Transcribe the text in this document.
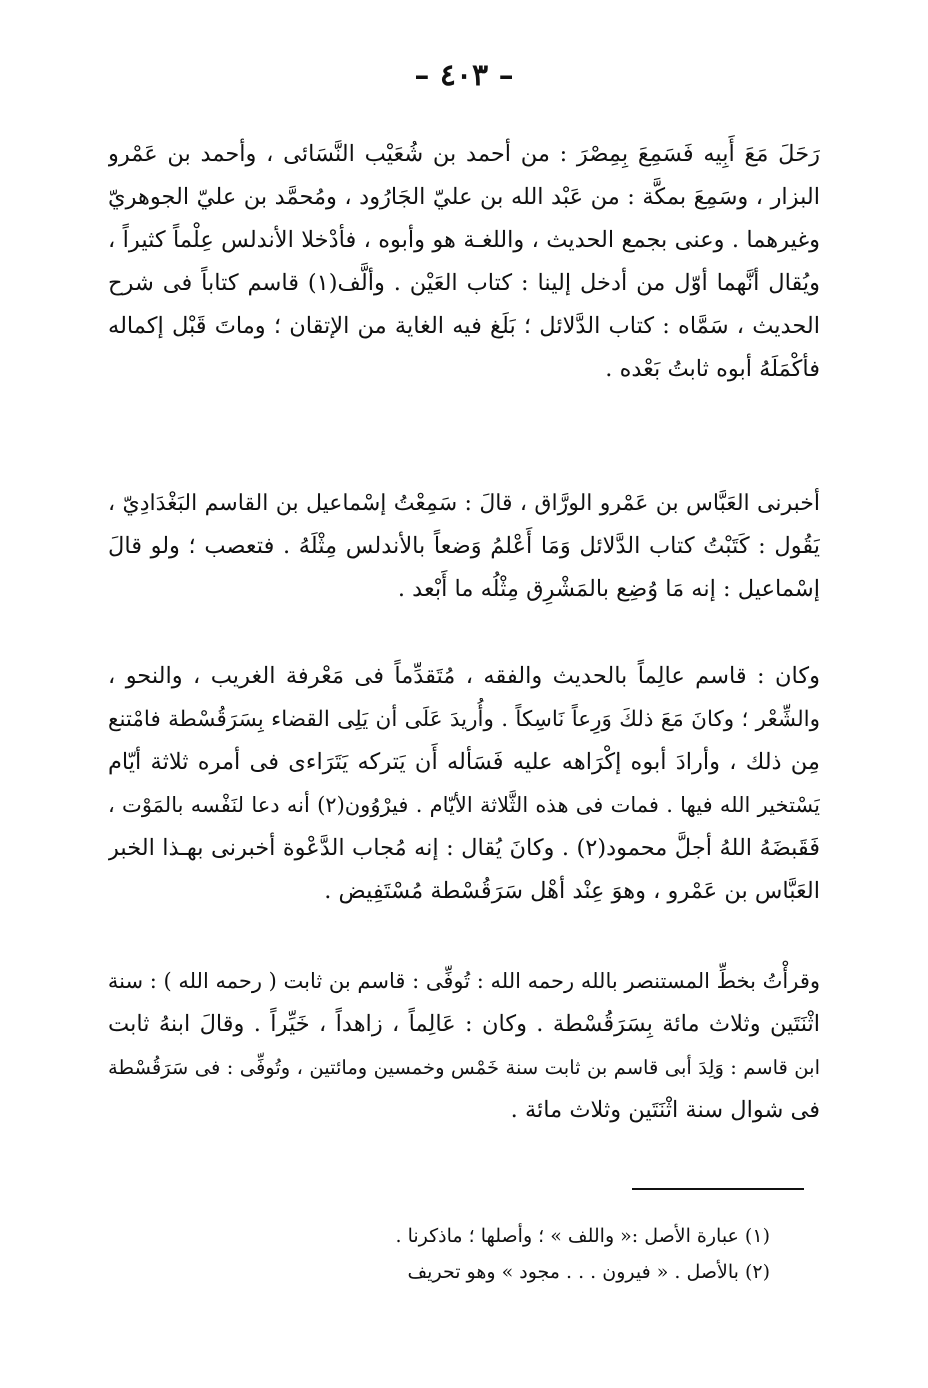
– ٤٠٣ –
رَحَلَ مَعَ أَبِيه فَسَمِعَ بِمِصْرَ : من أحمد بن شُعَيْب النَّسَائى ، وأحمد بن عَمْرو
البزار ، وسَمِعَ بمكَّة : من عَبْد الله بن عليّ الجَارُود ، ومُحمَّد بن عليّ الجوهريّ
وغيرهما . وعنى بجمع الحديث ، واللغـة هو وأبوه ، فأدْخلا الأندلس عِلْماً كثيراً ،
ويُقال أنَّهما أوّل من أدخل إلينا : كتاب العَيْن . وألَّف(١) قاسم كتاباً فى شرح
الحديث ، سَمَّاه : كتاب الدَّلائل ؛ بَلَغ فيه الغاية من الإتقان ؛ وماتَ قَبْل إكماله
فأكْمَلَهُ أبوه ثابتُ بَعْده .
أخبرنى العَبَّاس بن عَمْرو الورَّاق ، قالَ : سَمِعْتُ إسْماعيل بن القاسم البَغْدَادِيّ ،
يَقُول : كَتَبْتُ كتاب الدَّلائل وَمَا أَعْلمُ وَضعاً بالأندلس مِثْلَهُ . فتعصب ؛ ولو قالَ
إسْماعيل : إنه مَا وُضِع بالمَشْرِق مِثْلُه ما أَبْعد .
وكان : قاسم عالِماً بالحديث والفقه ، مُتَقدِّماً فى مَعْرفة الغريب ، والنحو ،
والشِّعْر ؛ وكانَ مَعَ ذلكَ وَرِعاً نَاسِكاً . وأُريدَ عَلَى أن يَلِى القضاء بِسَرَقُسْطة فامْتنع
مِن ذلك ، وأرادَ أبوه إكْرَاهه عليه فَسَأله أَن يَتركه يَتَرَاءى فى أمره ثلاثة أيّام
يَسْتخير الله فيها . فمات فى هذه الثَّلاثة الأيّام . فيرْوُون(٢) أنه دعا لنَفْسه بالمَوْت ،
فَقَبضَهُ اللهُ أجلَّ محمود(٢) . وكانَ يُقال : إنه مُجاب الدَّعْوة أخبرنى بهـذا الخبر
العَبَّاس بن عَمْرو ، وهوَ عِنْد أهْل سَرَقُسْطة مُسْتَفِيض .
وقرأْتُ بخطِّ المستنصر بالله رحمه الله : تُوفِّى : قاسم بن ثابت ( رحمه الله ) : سنة
اثْنَتَين وثلاث مائة بِسَرَقُسْطة . وكان : عَالِماً ، زاهداً ، خَيِّراً . وقالَ ابنهُ ثابت
ابن قاسم : وَلِدَ أبى قاسم بن ثابت سنة خَمْس وخمسين ومائتين ، وتُوفِّى : فى سَرَقُسْطة
فى شوال سنة اثْنَتَين وثلاث مائة .
(١) عبارة الأصل :« واللف » ؛ وأصلها ؛ ماذكرنا .
(٢) بالأصل . « فيرون . . . مجود » وهو تحريف
